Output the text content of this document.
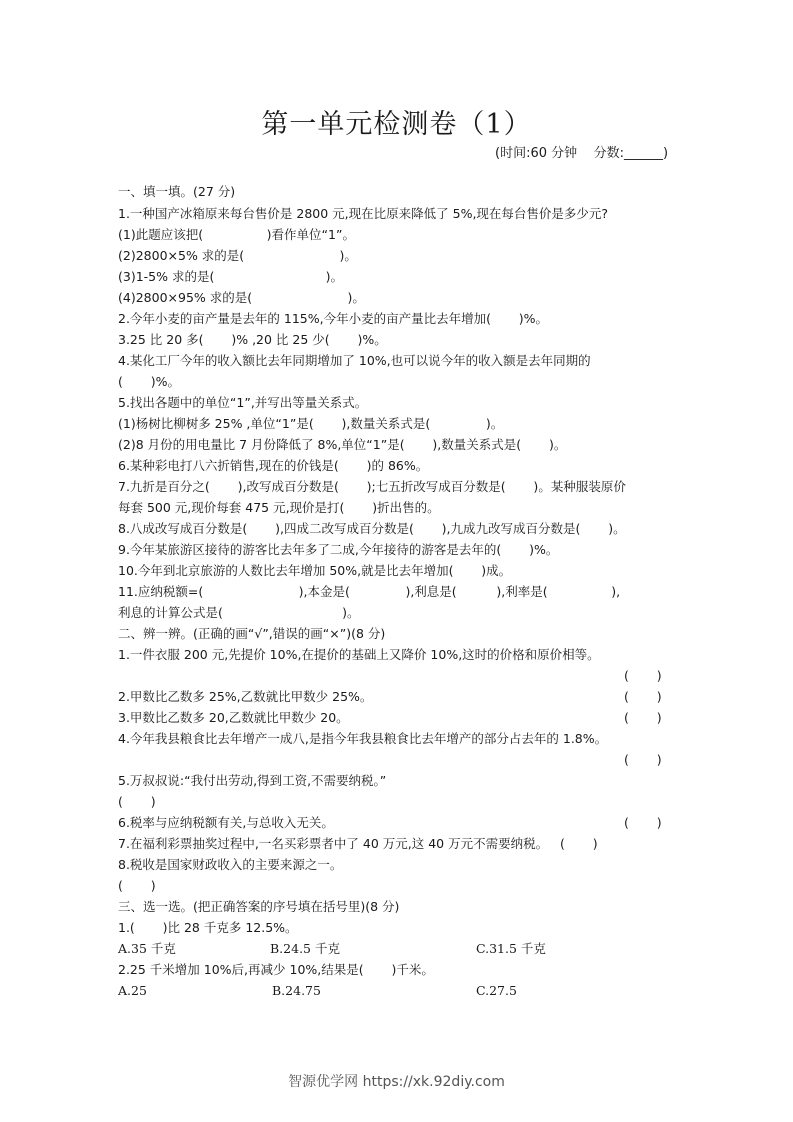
第一单元检测卷（1）
(时间:60 分钟    分数:______)
一、填一填。(27 分)
1.一种国产冰箱原来每台售价是 2800 元,现在比原来降低了 5%,现在每台售价是多少元?
(1)此题应该把(                )看作单位“1”。
(2)2800×5% 求的是(                        )。
(3)1-5% 求的是(                            )。
(4)2800×95% 求的是(                        )。
2.今年小麦的亩产量是去年的 115%,今年小麦的亩产量比去年增加(       )%。
3.25 比 20 多(       )% ,20 比 25 少(       )%。
4.某化工厂今年的收入额比去年同期增加了 10%,也可以说今年的收入额是去年同期的
(       )%。
5.找出各题中的单位“1”,并写出等量关系式。
(1)杨树比柳树多 25% ,单位“1”是(       ),数量关系式是(              )。
(2)8 月份的用电量比 7 月份降低了 8%,单位“1”是(       ),数量关系式是(       )。
6.某种彩电打八六折销售,现在的价钱是(       )的 86%。
7.九折是百分之(       ),改写成百分数是(       );七五折改写成百分数是(       )。某种服装原价
每套 500 元,现价每套 475 元,现价是打(       )折出售的。
8.八成改写成百分数是(       ),四成二改写成百分数是(       ),九成九改写成百分数是(       )。
9.今年某旅游区接待的游客比去年多了二成,今年接待的游客是去年的(       )%。
10.今年到北京旅游的人数比去年增加 50%,就是比去年增加(       )成。
11.应纳税额=(                        ),本金是(              ),利息是(          ),利率是(                ),
利息的计算公式是(                              )。
二、辨一辨。(正确的画“√”,错误的画“×”)(8 分)
1.一件衣服 200 元,先提价 10%,在提价的基础上又降价 10%,这时的价格和原价相等。
(       )
2.甲数比乙数多 25%,乙数就比甲数少 25%。	(       )
3.甲数比乙数多 20,乙数就比甲数少 20。	(       )
4.今年我县粮食比去年增产一成八,是指今年我县粮食比去年增产的部分占去年的 1.8%。
(       )
5.万叔叔说:“我付出劳动,得到工资,不需要纳税。”
(       )
6.税率与应纳税额有关,与总收入无关。	(       )
7.在福利彩票抽奖过程中,一名买彩票者中了 40 万元,这 40 万元不需要纳税。   (       )
8.税收是国家财政收入的主要来源之一。
(       )
三、选一选。(把正确答案的序号填在括号里)(8 分)
1.(       )比 28 千克多 12.5%。
A.35 千克	B.24.5 千克	C.31.5 千克
2.25 千米增加 10%后,再减少 10%,结果是(       )千米。
A.25	B.24.75	C.27.5
智源优学网 https://xk.92diy.com
